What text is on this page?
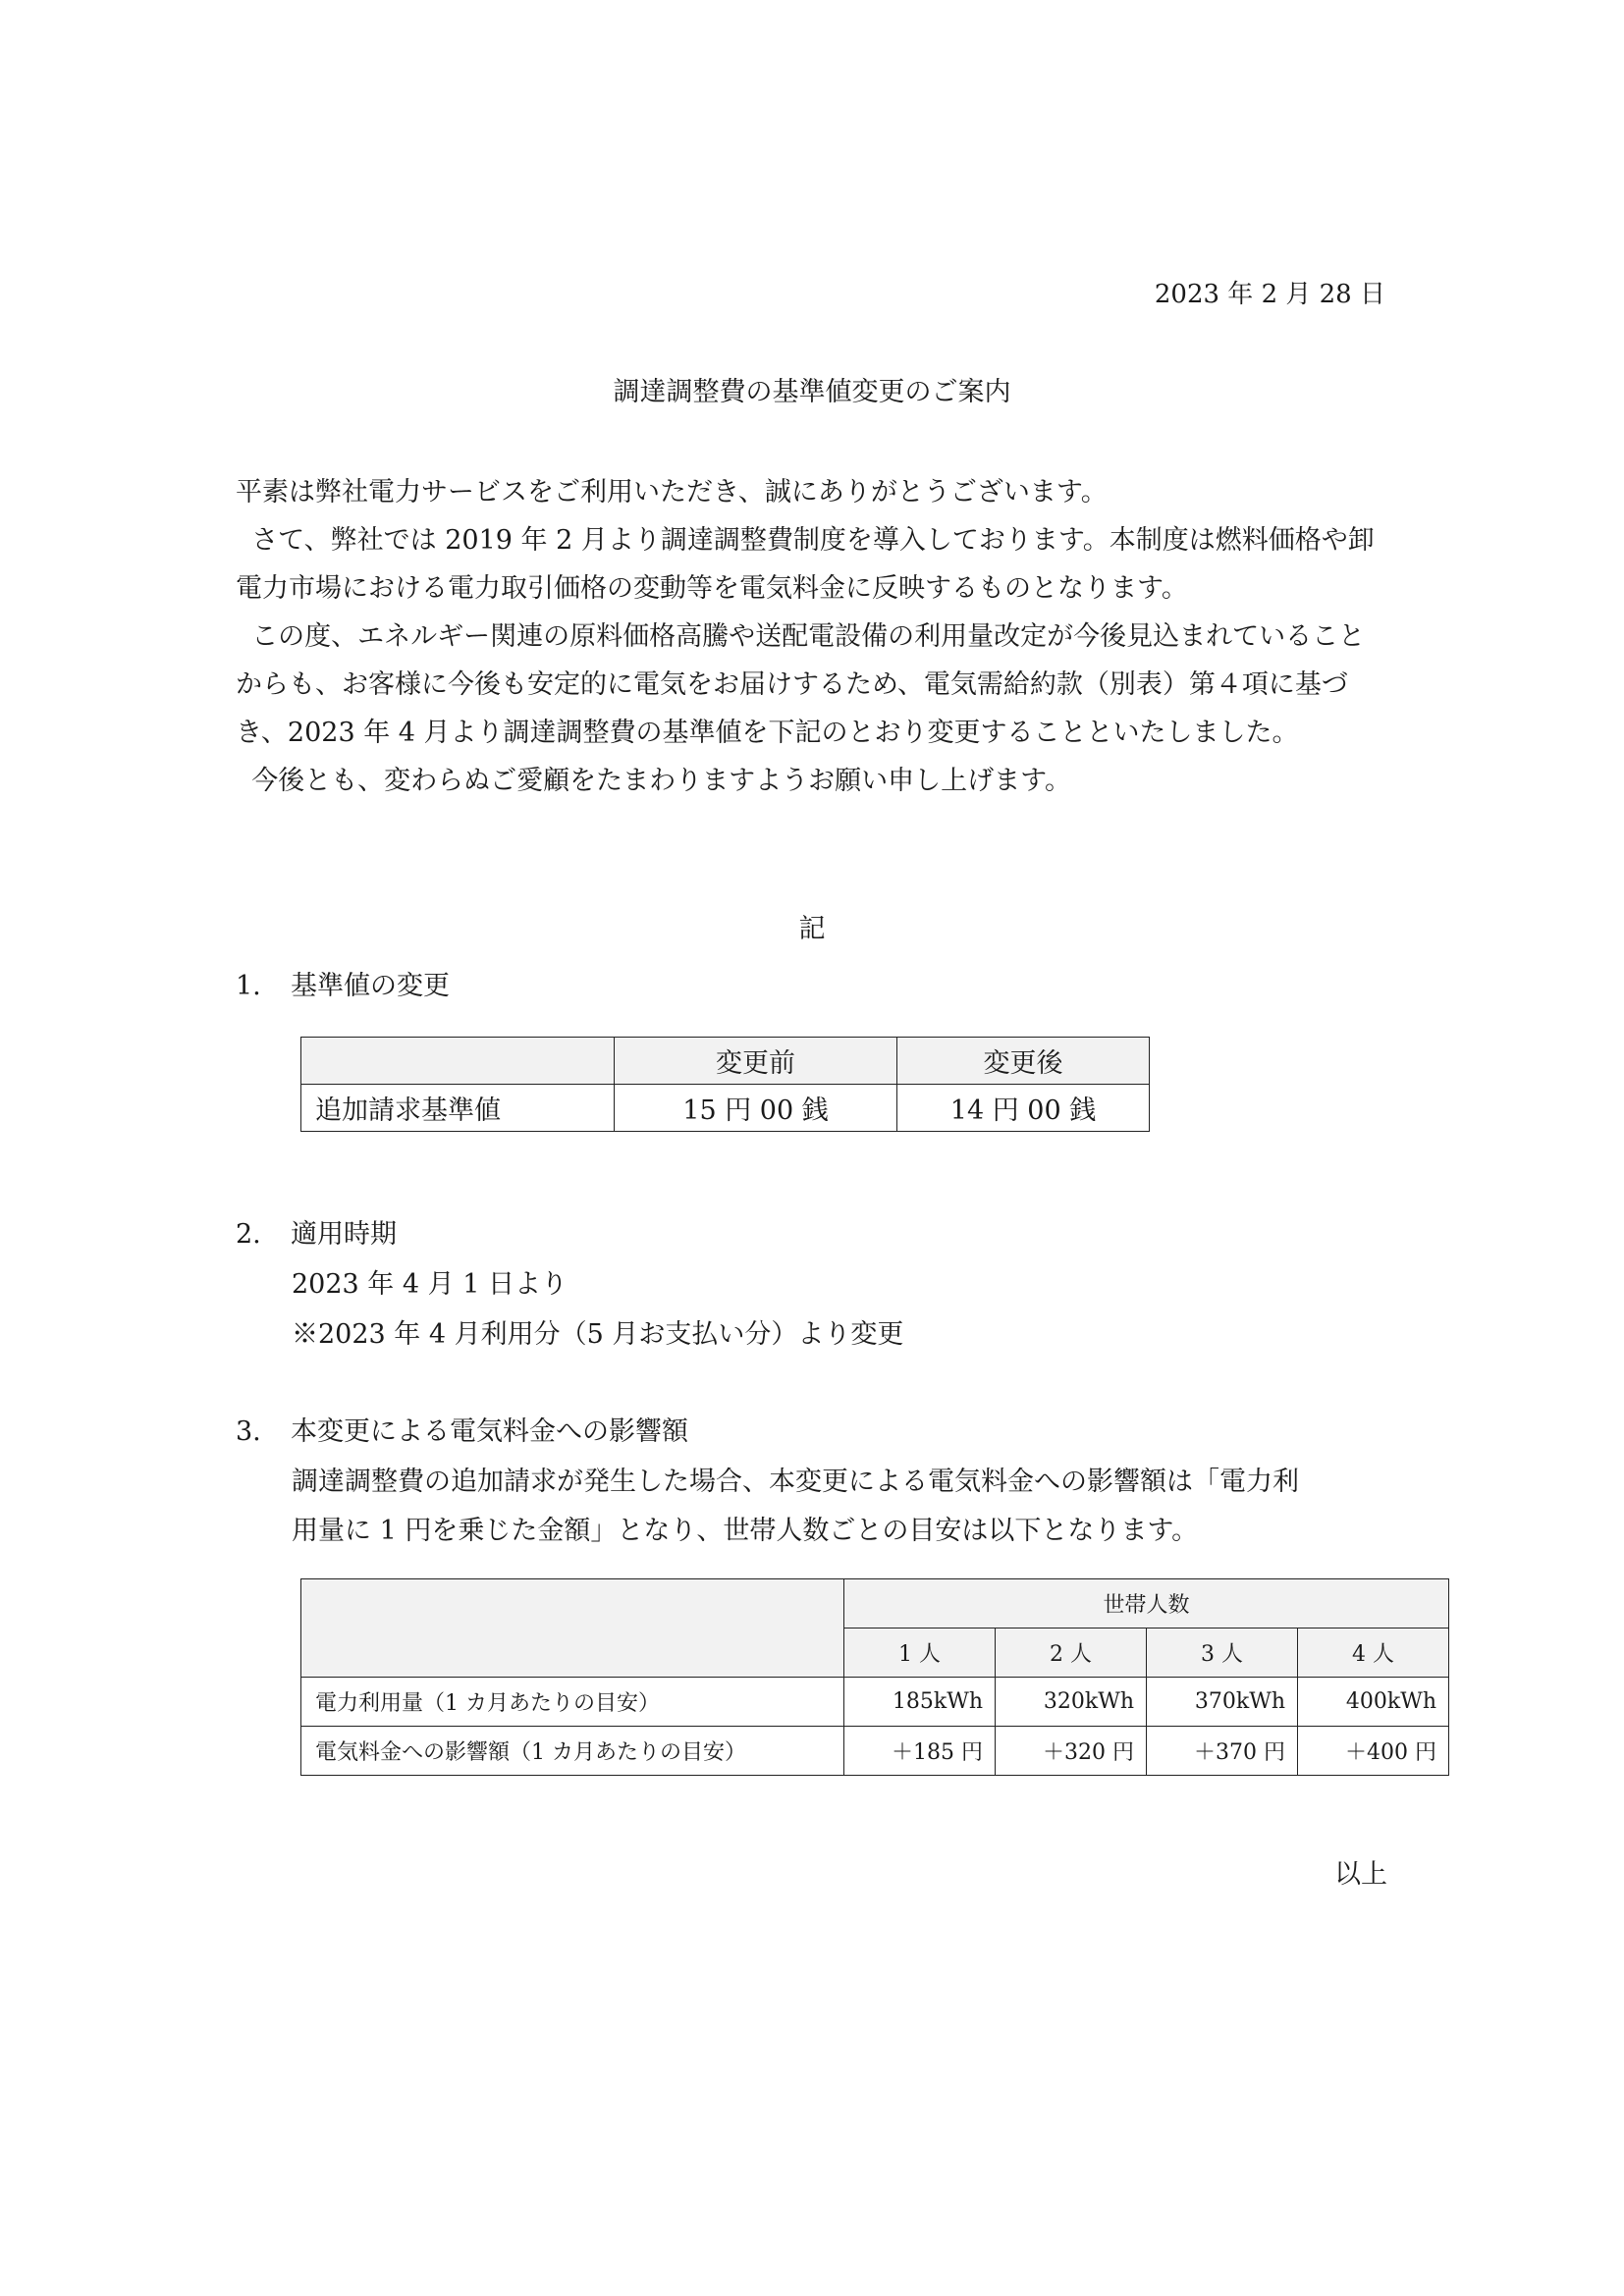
2023 年 2 月 28 日
調達調整費の基準値変更のご案内

平素は弊社電力サービスをご利用いただき、誠にありがとうございます。

さて、弊社では 2019 年 2 月より調達調整費制度を導入しております。本制度は燃料価格や卸電力市場における電力取引価格の変動等を電気料金に反映するものとなります。

この度、エネルギー関連の原料価格高騰や送配電設備の利用量改定が今後見込まれていることからも、お客様に今後も安定的に電気をお届けするため、電気需給約款（別表）第４項に基づき、2023 年 4 月より調達調整費の基準値を下記のとおり変更することといたしました。

今後とも、変わらぬご愛顧をたまわりますようお願い申し上げます。

記
1. 基準値の変更
	変更前	変更後
追加請求基準値	15 円 00 銭	14 円 00 銭
2. 適用時期
2023 年 4 月 1 日より
※2023 年 4 月利用分（5 月お支払い分）より変更
3. 本変更による電気料金への影響額
調達調整費の追加請求が発生した場合、本変更による電気料金への影響額は「電力利
用量に 1 円を乗じた金額」となり、世帯人数ごとの目安は以下となります。
	世帯人数			
	1 人	2 人	3 人	4 人
電力利用量（1 カ月あたりの目安）	185kWh	320kWh	370kWh	400kWh
電気料金への影響額（1 カ月あたりの目安）	＋185 円	＋320 円	＋370 円	＋400 円
以上
